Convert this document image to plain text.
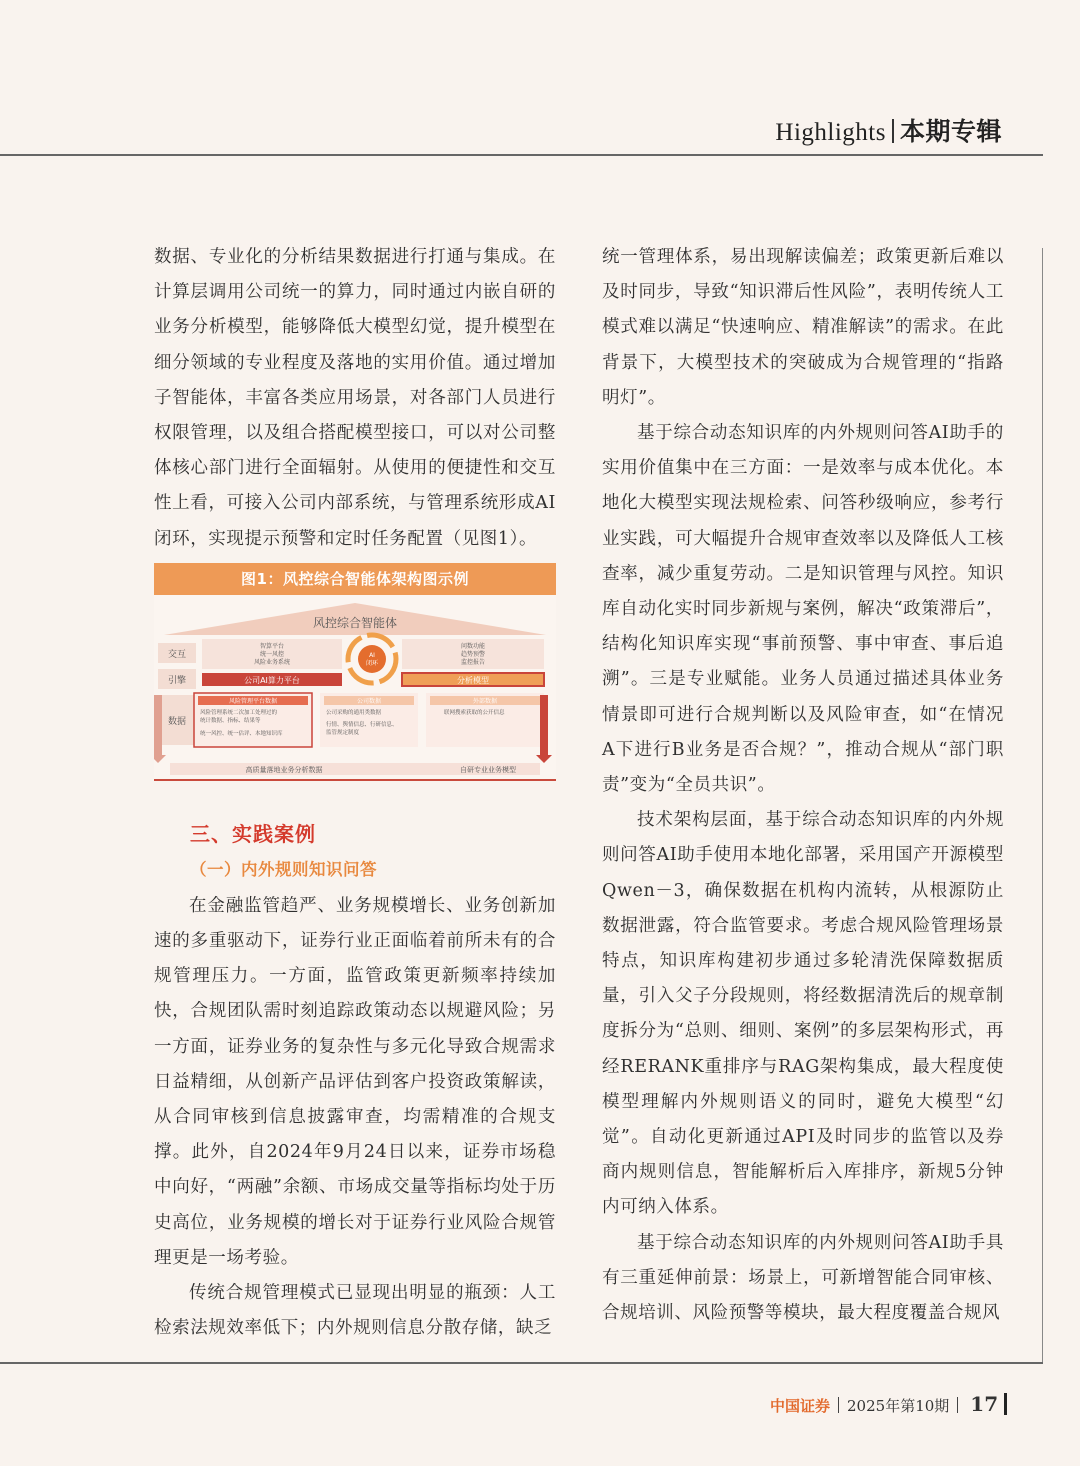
Highlights 本期专辑

数据、专业化的分析结果数据进行打通与集成。在计算层调用公司统一的算力，同时通过内嵌自研的业务分析模型，能够降低大模型幻觉，提升模型在细分领域的专业程度及落地的实用价值。通过增加子智能体，丰富各类应用场景，对各部门人员进行权限管理，以及组合搭配模型接口，可以对公司整体核心部门进行全面辐射。从使用的便捷性和交互性上看，可接入公司内部系统，与管理系统形成AI闭环，实现提示预警和定时任务配置（见图1）。

图1：风控综合智能体架构图示例
风控综合智能体
交互
引擎
数据
智算平台
统一风控
风险业务系统
问数功能
趋势预警
监控报告
AI
闭环
公司AI算力平台	分析模型
风险管理平台数据
风险管理系统二次加工处理过的
统计数据、指标、结果等
统一风控、统一估评、本地知识库
公司数据
公司采购的通用类数据
行情、舆情信息、行研信息、
监管规定制度
外部数据
联网搜索获取的公开信息
高质量落地业务分析数据	自研专业业务模型
三、实践案例
（一）内外规则知识问答

在金融监管趋严、业务规模增长、业务创新加速的多重驱动下，证券行业正面临着前所未有的合规管理压力。一方面，监管政策更新频率持续加快，合规团队需时刻追踪政策动态以规避风险；另一方面，证券业务的复杂性与多元化导致合规需求日益精细，从创新产品评估到客户投资政策解读，从合同审核到信息披露审查，均需精准的合规支撑。此外，自2024年9月24日以来，证券市场稳中向好，“两融”余额、市场成交量等指标均处于历史高位，业务规模的增长对于证券行业风险合规管理更是一场考验。

传统合规管理模式已显现出明显的瓶颈：人工检索法规效率低下；内外规则信息分散存储，缺乏

统一管理体系，易出现解读偏差；政策更新后难以及时同步，导致“知识滞后性风险”，表明传统人工模式难以满足“快速响应、精准解读”的需求。在此背景下，大模型技术的突破成为合规管理的“指路明灯”。

基于综合动态知识库的内外规则问答AI助手的实用价值集中在三方面：一是效率与成本优化。本地化大模型实现法规检索、问答秒级响应，参考行业实践，可大幅提升合规审查效率以及降低人工核查率，减少重复劳动。二是知识管理与风控。知识库自动化实时同步新规与案例，解决“政策滞后”，结构化知识库实现“事前预警、事中审查、事后追溯”。三是专业赋能。业务人员通过描述具体业务情景即可进行合规判断以及风险审查，如“在情况A下进行B业务是否合规？”，推动合规从“部门职责”变为“全员共识”。

技术架构层面，基于综合动态知识库的内外规则问答AI助手使用本地化部署，采用国产开源模型Qwen－3，确保数据在机构内流转，从根源防止数据泄露，符合监管要求。考虑合规风险管理场景特点，知识库构建初步通过多轮清洗保障数据质量，引入父子分段规则，将经数据清洗后的规章制度拆分为“总则、细则、案例”的多层架构形式，再经RERANK重排序与RAG架构集成，最大程度使模型理解内外规则语义的同时，避免大模型“幻觉”。自动化更新通过API及时同步的监管以及券商内规则信息，智能解析后入库排序，新规5分钟内可纳入体系。

基于综合动态知识库的内外规则问答AI助手具有三重延伸前景：场景上，可新增智能合同审核、合规培训、风险预警等模块，最大程度覆盖合规风

中国证券 2025年第10期 17
